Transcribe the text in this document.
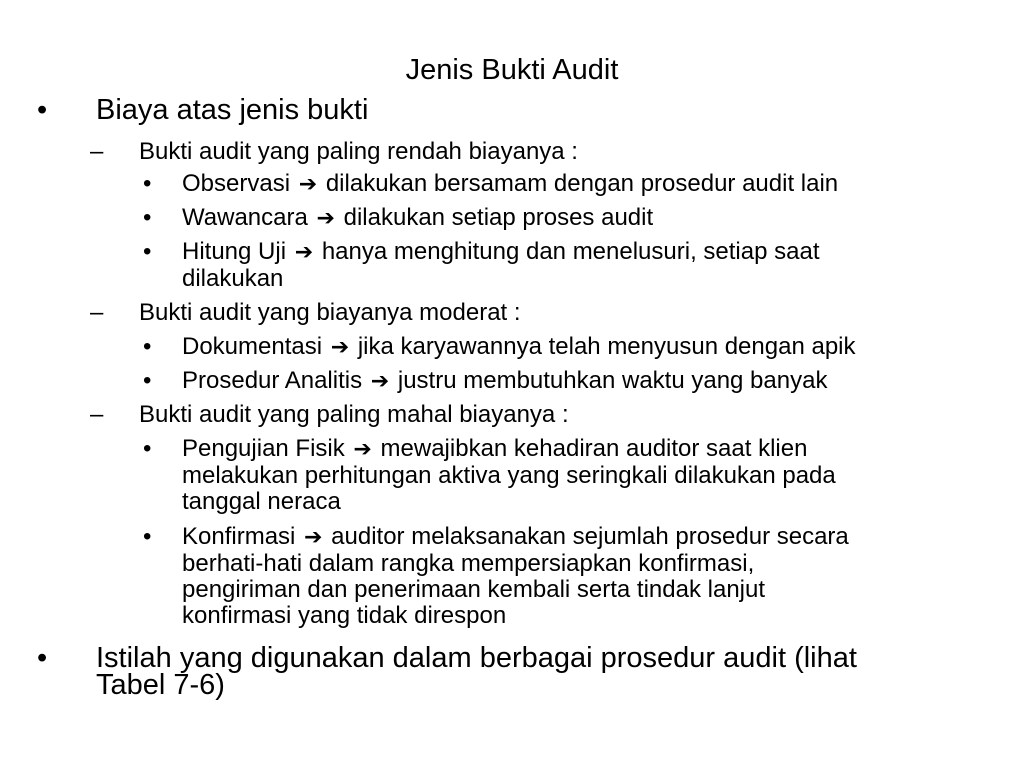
Jenis Bukti Audit
• Biaya atas jenis bukti
– Bukti audit yang paling rendah biayanya :
• Observasi ➔ dilakukan bersamam dengan prosedur audit lain
• Wawancara ➔ dilakukan setiap proses audit
• Hitung Uji ➔ hanya menghitung dan menelusuri, setiap saat
dilakukan
– Bukti audit yang biayanya moderat :
• Dokumentasi ➔ jika karyawannya telah menyusun dengan apik
• Prosedur Analitis ➔ justru membutuhkan waktu yang banyak
– Bukti audit yang paling mahal biayanya :
• Pengujian Fisik ➔ mewajibkan kehadiran auditor saat klien
melakukan perhitungan aktiva yang seringkali dilakukan pada
tanggal neraca
• Konfirmasi ➔ auditor melaksanakan sejumlah prosedur secara
berhati-hati dalam rangka mempersiapkan konfirmasi,
pengiriman dan penerimaan kembali serta tindak lanjut
konfirmasi yang tidak direspon
• Istilah yang digunakan dalam berbagai prosedur audit (lihat
Tabel 7-6)
